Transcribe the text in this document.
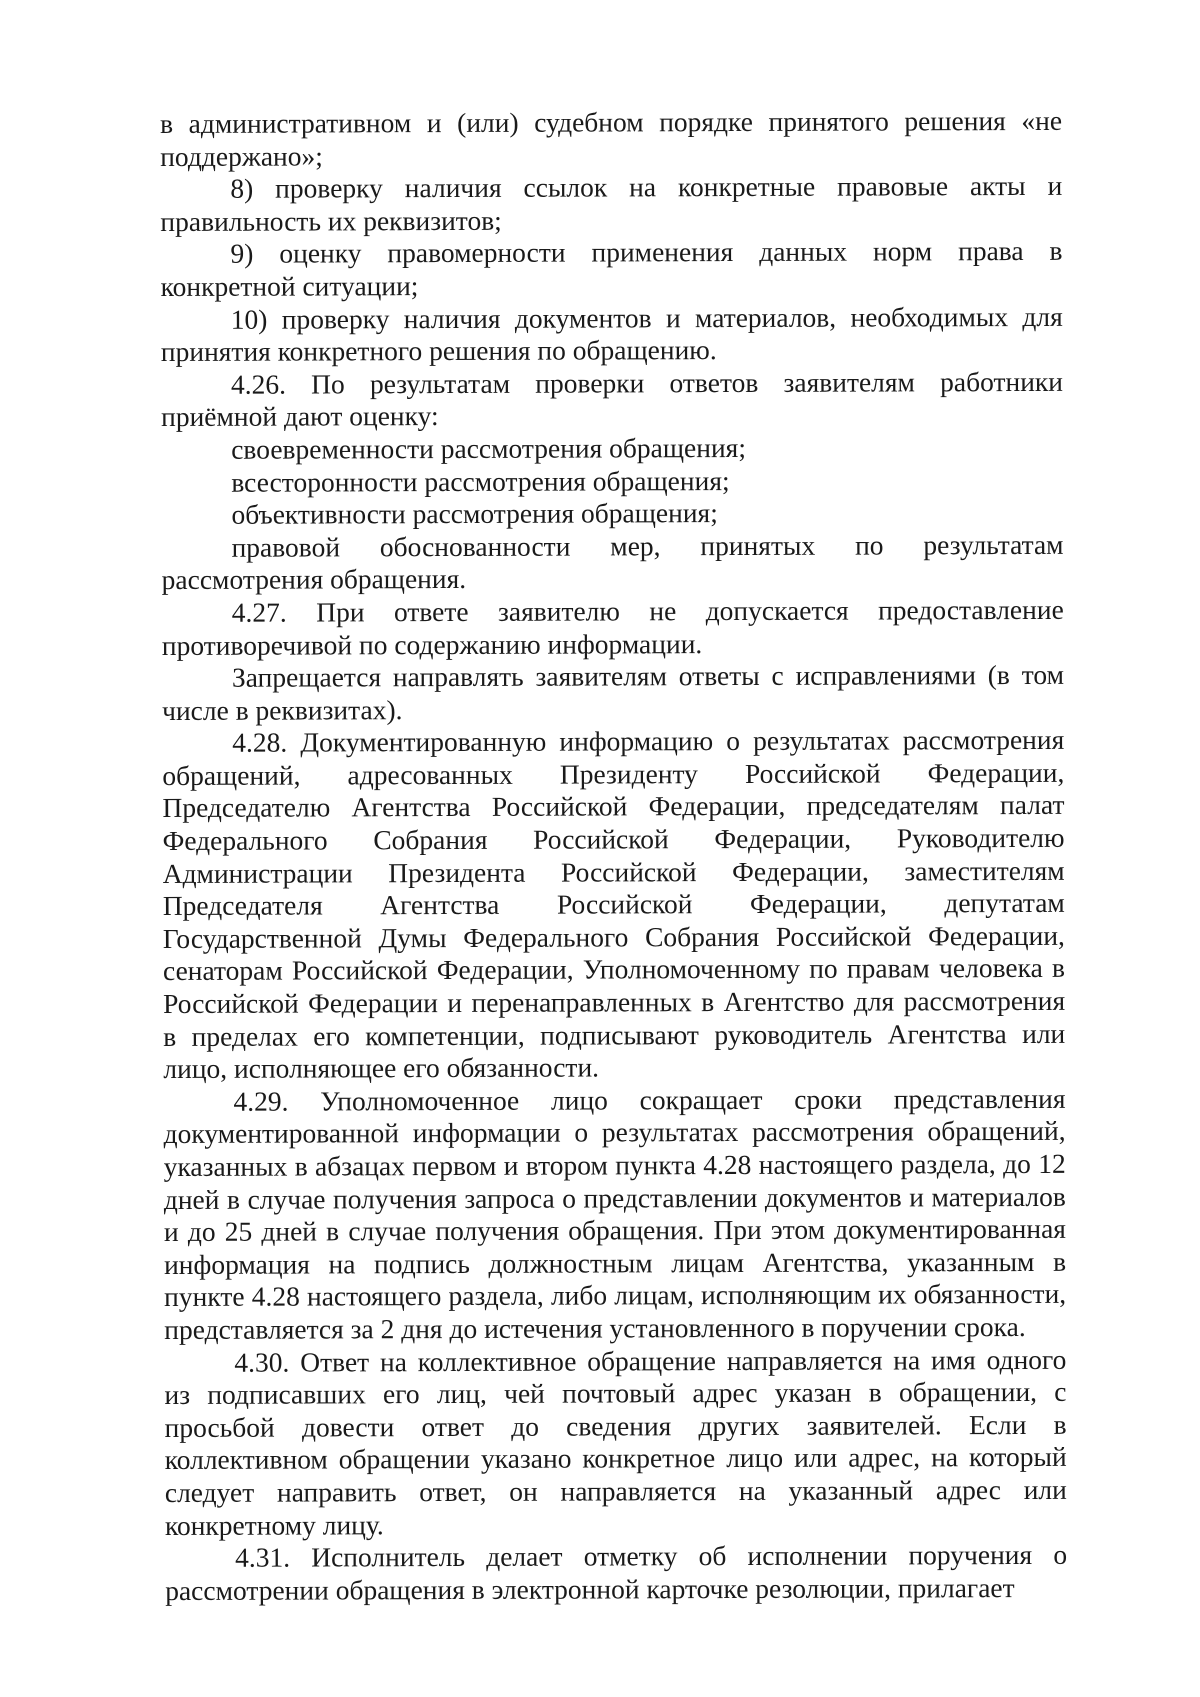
в административном и (или) судебном порядке принятого решения «не поддержано»;

8) проверку наличия ссылок на конкретные правовые акты и правильность их реквизитов;

9) оценку правомерности применения данных норм права в конкретной ситуации;

10) проверку наличия документов и материалов, необходимых для принятия конкретного решения по обращению.

4.26. По результатам проверки ответов заявителям работники приёмной дают оценку:

своевременности рассмотрения обращения;

всесторонности рассмотрения обращения;

объективности рассмотрения обращения;

правовой обоснованности мер, принятых по результатам рассмотрения обращения.

4.27. При ответе заявителю не допускается предоставление противоречивой по содержанию информации.

Запрещается направлять заявителям ответы с исправлениями (в том числе в реквизитах).

4.28. Документированную информацию о результатах рассмотрения обращений, адресованных Президенту Российской Федерации, Председателю Агентства Российской Федерации, председателям палат Федерального Собрания Российской Федерации, Руководителю Администрации Президента Российской Федерации, заместителям Председателя Агентства Российской Федерации, депутатам Государственной Думы Федерального Собрания Российской Федерации, сенаторам Российской Федерации, Уполномоченному по правам человека в Российской Федерации и перенаправленных в Агентство для рассмотрения в пределах его компетенции, подписывают руководитель Агентства или лицо, исполняющее его обязанности.

4.29. Уполномоченное лицо сокращает сроки представления документированной информации о результатах рассмотрения обращений, указанных в абзацах первом и втором пункта 4.28 настоящего раздела, до 12 дней в случае получения запроса о представлении документов и материалов и до 25 дней в случае получения обращения. При этом документированная информация на подпись должностным лицам Агентства, указанным в пункте 4.28 настоящего раздела, либо лицам, исполняющим их обязанности, представляется за 2 дня до истечения установленного в поручении срока.

4.30. Ответ на коллективное обращение направляется на имя одного из подписавших его лиц, чей почтовый адрес указан в обращении, с просьбой довести ответ до сведения других заявителей. Если в коллективном обращении указано конкретное лицо или адрес, на который следует направить ответ, он направляется на указанный адрес или конкретному лицу.

4.31. Исполнитель делает отметку об исполнении поручения о рассмотрении обращения в электронной карточке резолюции, прилагает
